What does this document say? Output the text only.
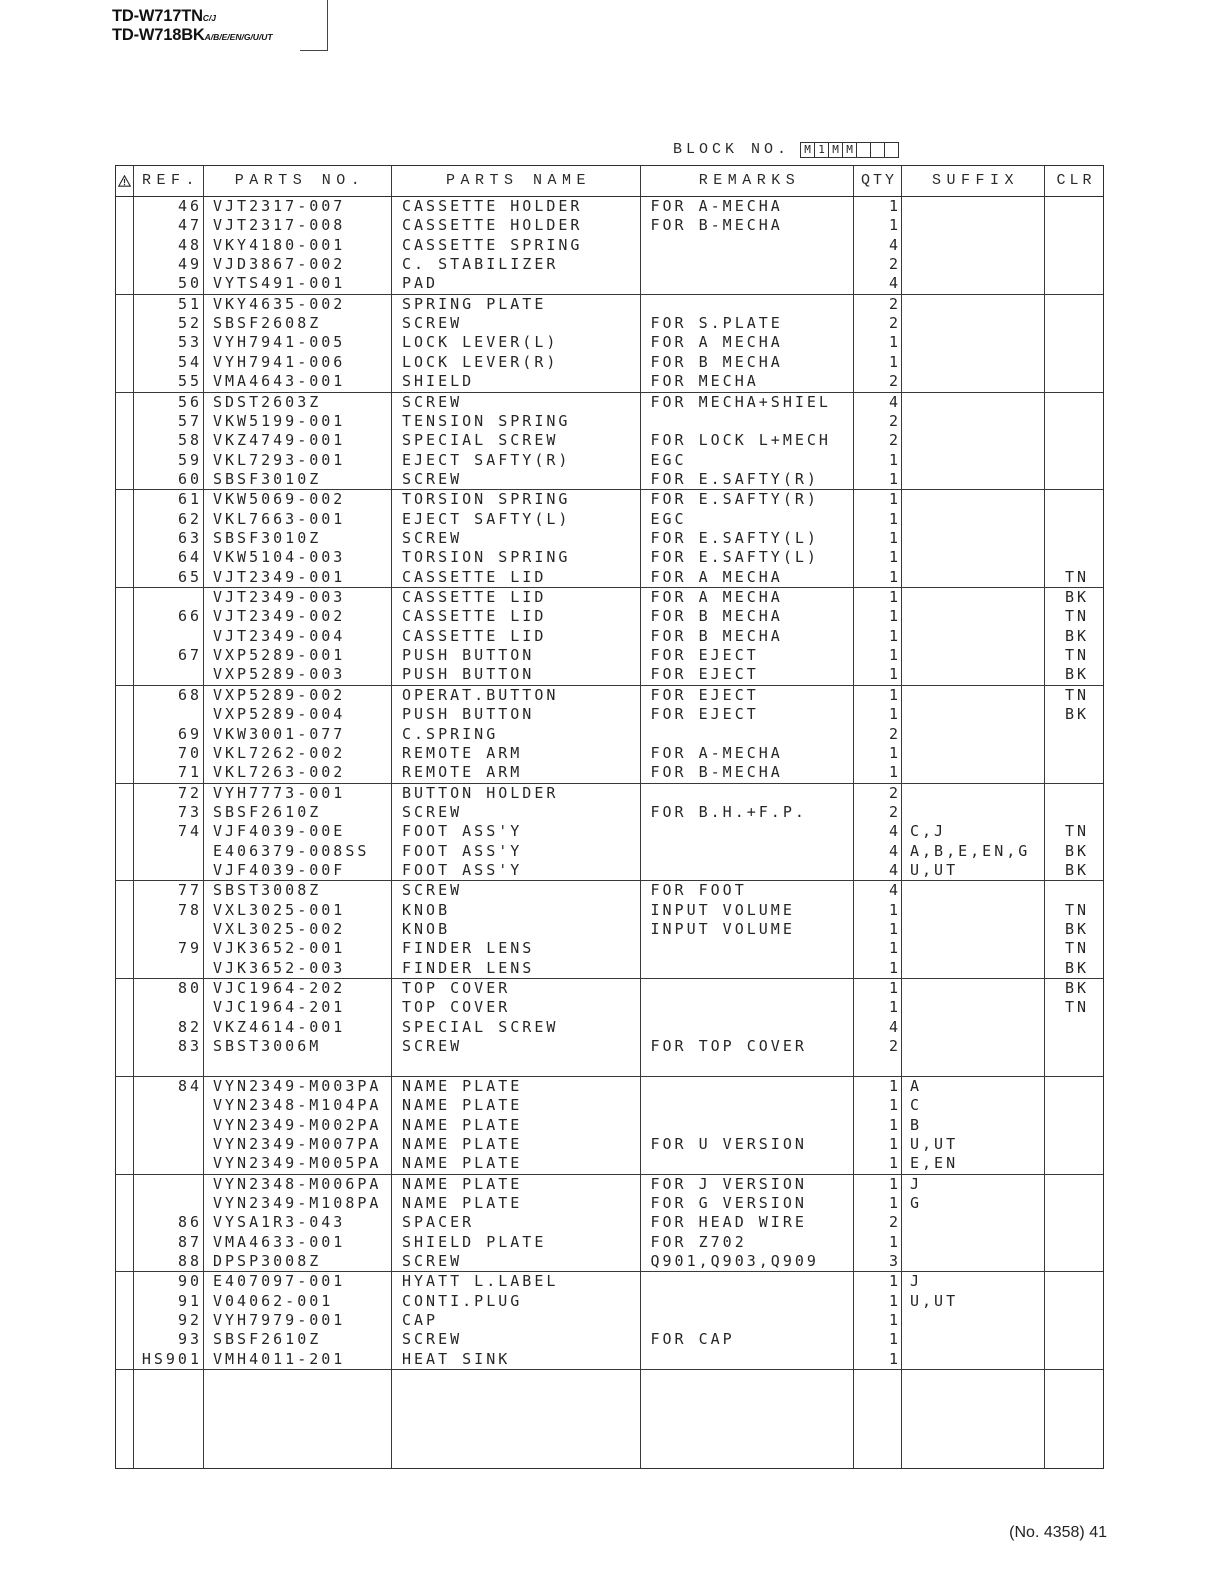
TD-W717TNC/J
TD-W718BKA/B/E/EN/G/U/UT
BLOCK NO.	M 1 M M
REF.	PARTS NO.	PARTS NAME	REMARKS	QTY	SUFFIX	CLR
46 VJT2317-007	CASSETTE HOLDER	FOR A-MECHA	1
47 VJT2317-008	CASSETTE HOLDER	FOR B-MECHA	1
48 VKY4180-001	CASSETTE SPRING	4
49 VJD3867-002	C. STABILIZER	2
50 VYTS491-001	PAD	4
51 VKY4635-002	SPRING PLATE	2
52 SBSF2608Z	SCREW	FOR S.PLATE	2
53 VYH7941-005	LOCK LEVER(L)	FOR A MECHA	1
54 VYH7941-006	LOCK LEVER(R)	FOR B MECHA	1
55 VMA4643-001	SHIELD	FOR MECHA	2
56 SDST2603Z	SCREW	FOR MECHA+SHIEL	4
57 VKW5199-001	TENSION SPRING	2
58 VKZ4749-001	SPECIAL SCREW	FOR LOCK L+MECH	2
59 VKL7293-001	EJECT SAFTY(R)	EGC	1
60 SBSF3010Z	SCREW	FOR E.SAFTY(R)	1
61 VKW5069-002	TORSION SPRING	FOR E.SAFTY(R)	1
62 VKL7663-001	EJECT SAFTY(L)	EGC	1
63 SBSF3010Z	SCREW	FOR E.SAFTY(L)	1
64 VKW5104-003	TORSION SPRING	FOR E.SAFTY(L)	1
65 VJT2349-001	CASSETTE LID	FOR A MECHA	1	TN
VJT2349-003	CASSETTE LID	FOR A MECHA	1	BK
66 VJT2349-002	CASSETTE LID	FOR B MECHA	1	TN
VJT2349-004	CASSETTE LID	FOR B MECHA	1	BK
67 VXP5289-001	PUSH BUTTON	FOR EJECT	1	TN
VXP5289-003	PUSH BUTTON	FOR EJECT	1	BK
68 VXP5289-002	OPERAT.BUTTON	FOR EJECT	1	TN
VXP5289-004	PUSH BUTTON	FOR EJECT	1	BK
69 VKW3001-077	C.SPRING	2
70 VKL7262-002	REMOTE ARM	FOR A-MECHA	1
71 VKL7263-002	REMOTE ARM	FOR B-MECHA	1
72 VYH7773-001	BUTTON HOLDER	2
73 SBSF2610Z	SCREW	FOR B.H.+F.P.	2
74 VJF4039-00E	FOOT ASS'Y	4 C,J	TN
E406379-008SS	FOOT ASS'Y	4 A,B,E,EN,G	BK
VJF4039-00F	FOOT ASS'Y	4 U,UT	BK
77 SBST3008Z	SCREW	FOR FOOT	4
78 VXL3025-001	KNOB	INPUT VOLUME	1	TN
VXL3025-002	KNOB	INPUT VOLUME	1	BK
79 VJK3652-001	FINDER LENS	1	TN
VJK3652-003	FINDER LENS	1	BK
80 VJC1964-202	TOP COVER	1	BK
VJC1964-201	TOP COVER	1	TN
82 VKZ4614-001	SPECIAL SCREW	4
83 SBST3006M	SCREW	FOR TOP COVER	2
84 VYN2349-M003PA	NAME PLATE	1 A
VYN2348-M104PA	NAME PLATE	1 C
VYN2349-M002PA	NAME PLATE	1 B
VYN2349-M007PA	NAME PLATE	FOR U VERSION	1 U,UT
VYN2349-M005PA	NAME PLATE	1 E,EN
VYN2348-M006PA	NAME PLATE	FOR J VERSION	1 J
VYN2349-M108PA	NAME PLATE	FOR G VERSION	1 G
86 VYSA1R3-043	SPACER	FOR HEAD WIRE	2
87 VMA4633-001	SHIELD PLATE	FOR Z702	1
88 DPSP3008Z	SCREW	Q901,Q903,Q909	3
90 E407097-001	HYATT L.LABEL	1 J
91 V04062-001	CONTI.PLUG	1 U,UT
92 VYH7979-001	CAP	1
93 SBSF2610Z	SCREW	FOR CAP	1
HS901 VMH4011-201	HEAT SINK	1
(No. 4358) 41
